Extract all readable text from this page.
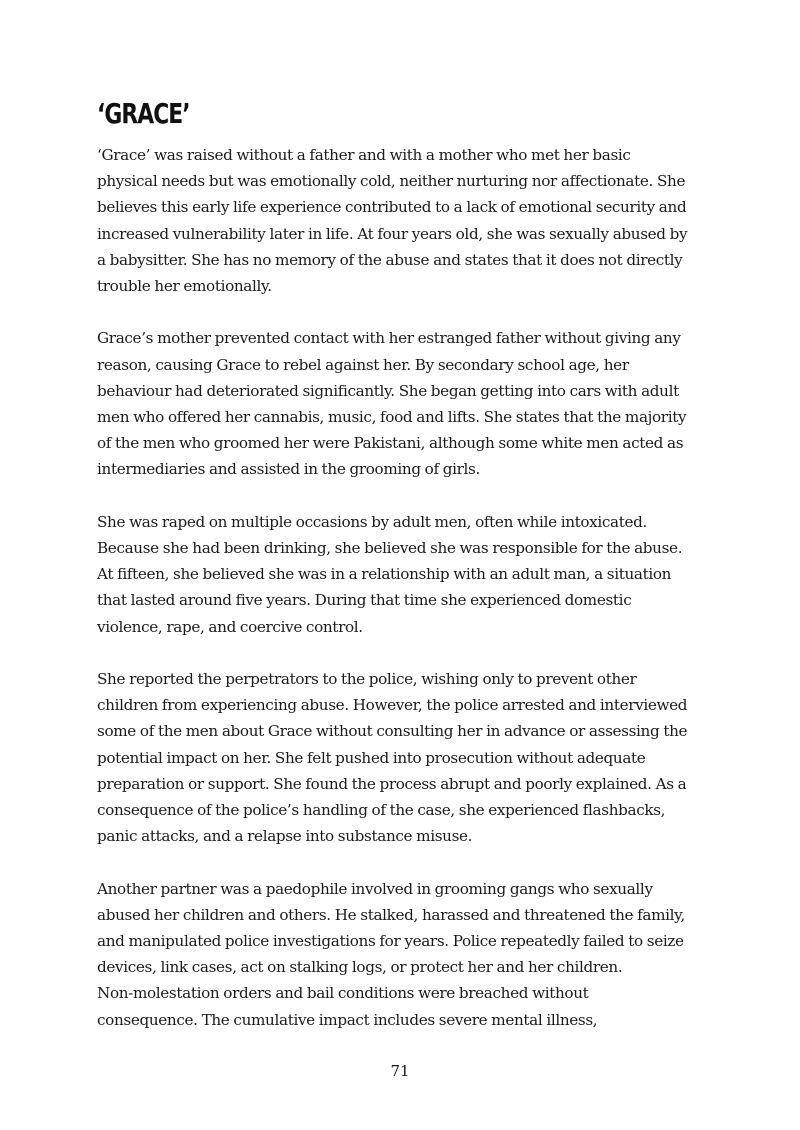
‘GRACE’

‘Grace’ was raised without a father and with a mother who met her basic
physical needs but was emotionally cold, neither nurturing nor affectionate. She
believes this early life experience contributed to a lack of emotional security and
increased vulnerability later in life. At four years old, she was sexually abused by
a babysitter. She has no memory of the abuse and states that it does not directly
trouble her emotionally.

Grace’s mother prevented contact with her estranged father without giving any
reason, causing Grace to rebel against her. By secondary school age, her
behaviour had deteriorated significantly. She began getting into cars with adult
men who offered her cannabis, music, food and lifts. She states that the majority
of the men who groomed her were Pakistani, although some white men acted as
intermediaries and assisted in the grooming of girls.

She was raped on multiple occasions by adult men, often while intoxicated.
Because she had been drinking, she believed she was responsible for the abuse.
At fifteen, she believed she was in a relationship with an adult man, a situation
that lasted around five years. During that time she experienced domestic
violence, rape, and coercive control.

She reported the perpetrators to the police, wishing only to prevent other
children from experiencing abuse. However, the police arrested and interviewed
some of the men about Grace without consulting her in advance or assessing the
potential impact on her. She felt pushed into prosecution without adequate
preparation or support. She found the process abrupt and poorly explained. As a
consequence of the police’s handling of the case, she experienced flashbacks,
panic attacks, and a relapse into substance misuse.

Another partner was a paedophile involved in grooming gangs who sexually
abused her children and others. He stalked, harassed and threatened the family,
and manipulated police investigations for years. Police repeatedly failed to seize
devices, link cases, act on stalking logs, or protect her and her children.
Non-molestation orders and bail conditions were breached without
consequence. The cumulative impact includes severe mental illness,

71
